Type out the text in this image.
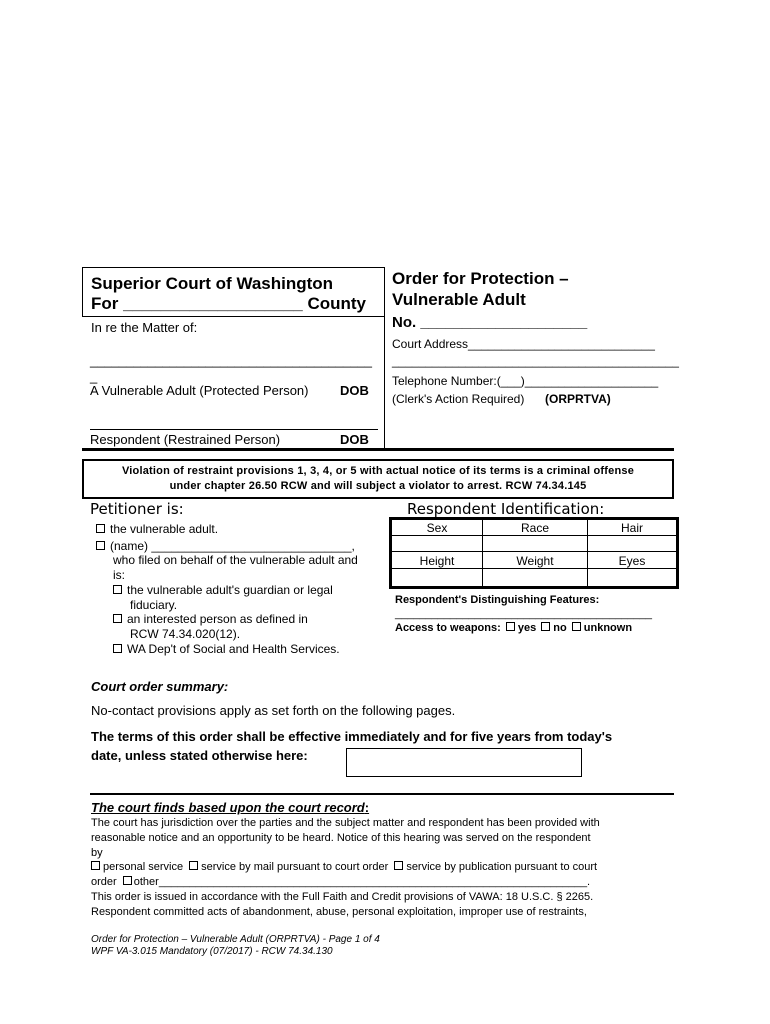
Superior Court of Washington
For ___________________ County
In re the Matter of:
_______________________________________
_
A Vulnerable Adult (Protected Person) DOB
Respondent (Restrained Person)	DOB
Order for Protection –
Vulnerable Adult
No. ____________________
Court Address____________________________
___________________________________________
Telephone Number:(___)____________________
(Clerk's Action Required) (ORPRTVA)
Violation of restraint provisions 1, 3, 4, or 5 with actual notice of its terms is a criminal offense
under chapter 26.50 RCW and will subject a violator to arrest. RCW 74.34.145
Petitioner is:
the vulnerable adult.
(name) ______________________________,
who filed on behalf of the vulnerable adult and
is:
the vulnerable adult's guardian or legal
fiduciary.
an interested person as defined in
RCW 74.34.020(12).
WA Dep't of Social and Health Services.
Respondent Identification:
Sex	Race	Hair
Height	Weight	Eyes
Respondent's Distinguishing Features:
__________________________________________
Access to weapons: yes no unknown
Court order summary:
No-contact provisions apply as set forth on the following pages.
The terms of this order shall be effective immediately and for five years from today's
date, unless stated otherwise here:
The court finds based upon the court record:
The court has jurisdiction over the parties and the subject matter and respondent has been provided with
reasonable notice and an opportunity to be heard. Notice of this hearing was served on the respondent
by
personal service service by mail pursuant to court order service by publication pursuant to court
order other______________________________________________________________________.
This order is issued in accordance with the Full Faith and Credit provisions of VAWA: 18 U.S.C. § 2265.
Respondent committed acts of abandonment, abuse, personal exploitation, improper use of restraints,
Order for Protection – Vulnerable Adult (ORPRTVA) - Page 1 of 4
WPF VA-3.015 Mandatory (07/2017) - RCW 74.34.130
